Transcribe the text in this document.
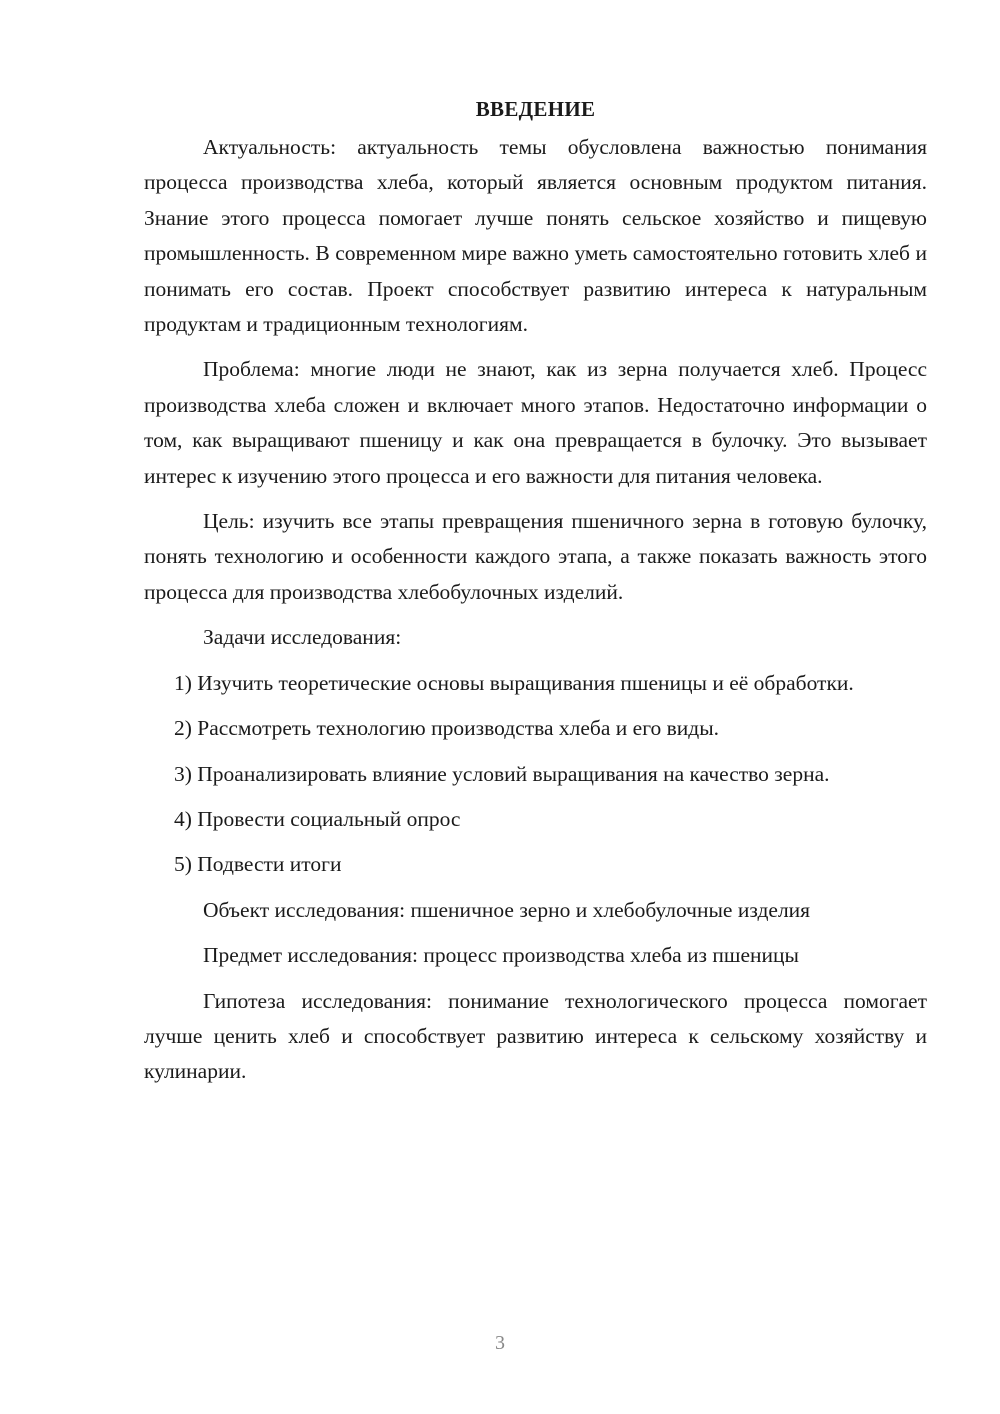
ВВЕДЕНИЕ

Актуальность: актуальность темы обусловлена важностью понимания процесса производства хлеба, который является основным продуктом питания. Знание этого процесса помогает лучше понять сельское хозяйство и пищевую промышленность. В современном мире важно уметь самостоятельно готовить хлеб и понимать его состав. Проект способствует развитию интереса к натуральным продуктам и традиционным технологиям.

Проблема: многие люди не знают, как из зерна получается хлеб. Процесс производства хлеба сложен и включает много этапов. Недостаточно информации о том, как выращивают пшеницу и как она превращается в булочку. Это вызывает интерес к изучению этого процесса и его важности для питания человека.

Цель: изучить все этапы превращения пшеничного зерна в готовую булочку, понять технологию и особенности каждого этапа, а также показать важность этого процесса для производства хлебобулочных изделий.

Задачи исследования:

1) Изучить теоретические основы выращивания пшеницы и её обработки.

2) Рассмотреть технологию производства хлеба и его виды.

3) Проанализировать влияние условий выращивания на качество зерна.

4) Провести социальный опрос

5) Подвести итоги

Объект исследования: пшеничное зерно и хлебобулочные изделия

Предмет исследования: процесс производства хлеба из пшеницы

Гипотеза исследования: понимание технологического процесса помогает лучше ценить хлеб и способствует развитию интереса к сельскому хозяйству и кулинарии.

3
